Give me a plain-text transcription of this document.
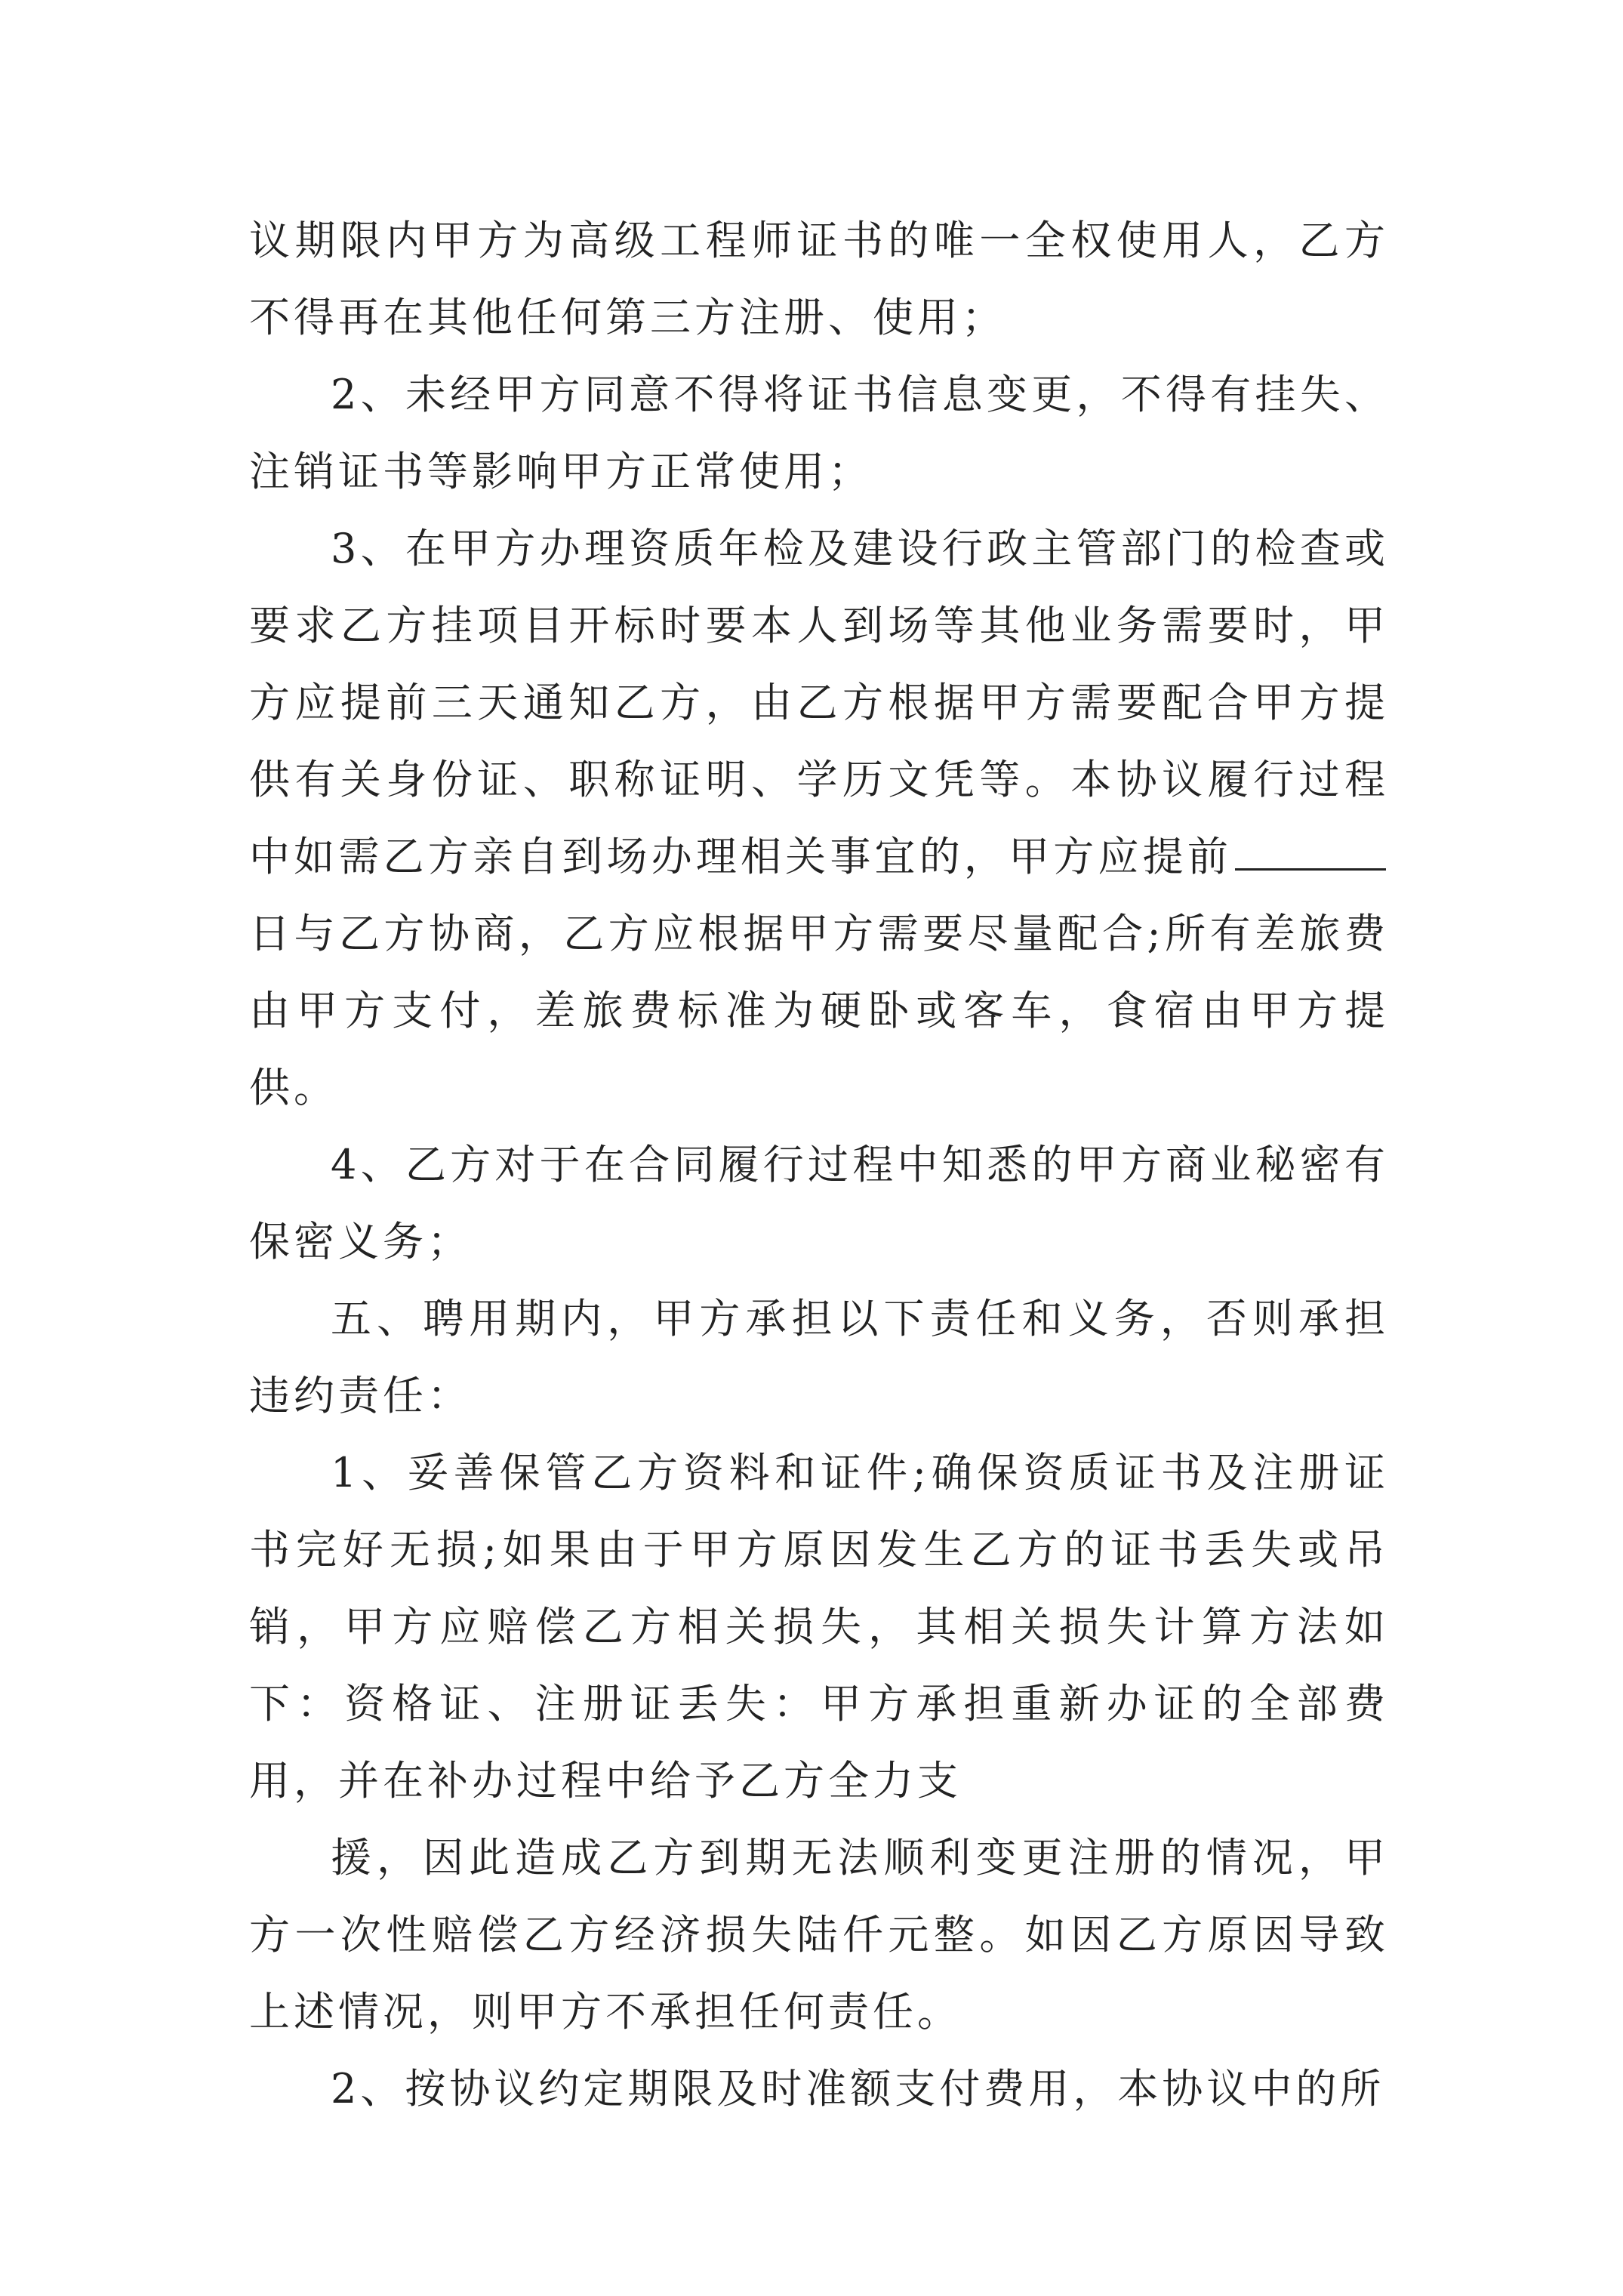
议期限内甲方为高级工程师证书的唯一全权使用人，乙方不得再在其他任何第三方注册、使用；

2、未经甲方同意不得将证书信息变更，不得有挂失、注销证书等影响甲方正常使用；

3、在甲方办理资质年检及建设行政主管部门的检查或要求乙方挂项目开标时要本人到场等其他业务需要时，甲方应提前三天通知乙方，由乙方根据甲方需要配合甲方提供有关身份证、职称证明、学历文凭等。本协议履行过程中如需乙方亲自到场办理相关事宜的，甲方应提前日与乙方协商，乙方应根据甲方需要尽量配合;所有差旅费由甲方支付，差旅费标准为硬卧或客车，食宿由甲方提供。

4、乙方对于在合同履行过程中知悉的甲方商业秘密有保密义务；

五、聘用期内，甲方承担以下责任和义务，否则承担违约责任：

1、妥善保管乙方资料和证件;确保资质证书及注册证书完好无损;如果由于甲方原因发生乙方的证书丢失或吊销，甲方应赔偿乙方相关损失，其相关损失计算方法如下：资格证、注册证丢失：甲方承担重新办证的全部费用，并在补办过程中给予乙方全力支

援，因此造成乙方到期无法顺利变更注册的情况，甲方一次性赔偿乙方经济损失陆仟元整。如因乙方原因导致上述情况，则甲方不承担任何责任。

2、按协议约定期限及时准额支付费用，本协议中的所
